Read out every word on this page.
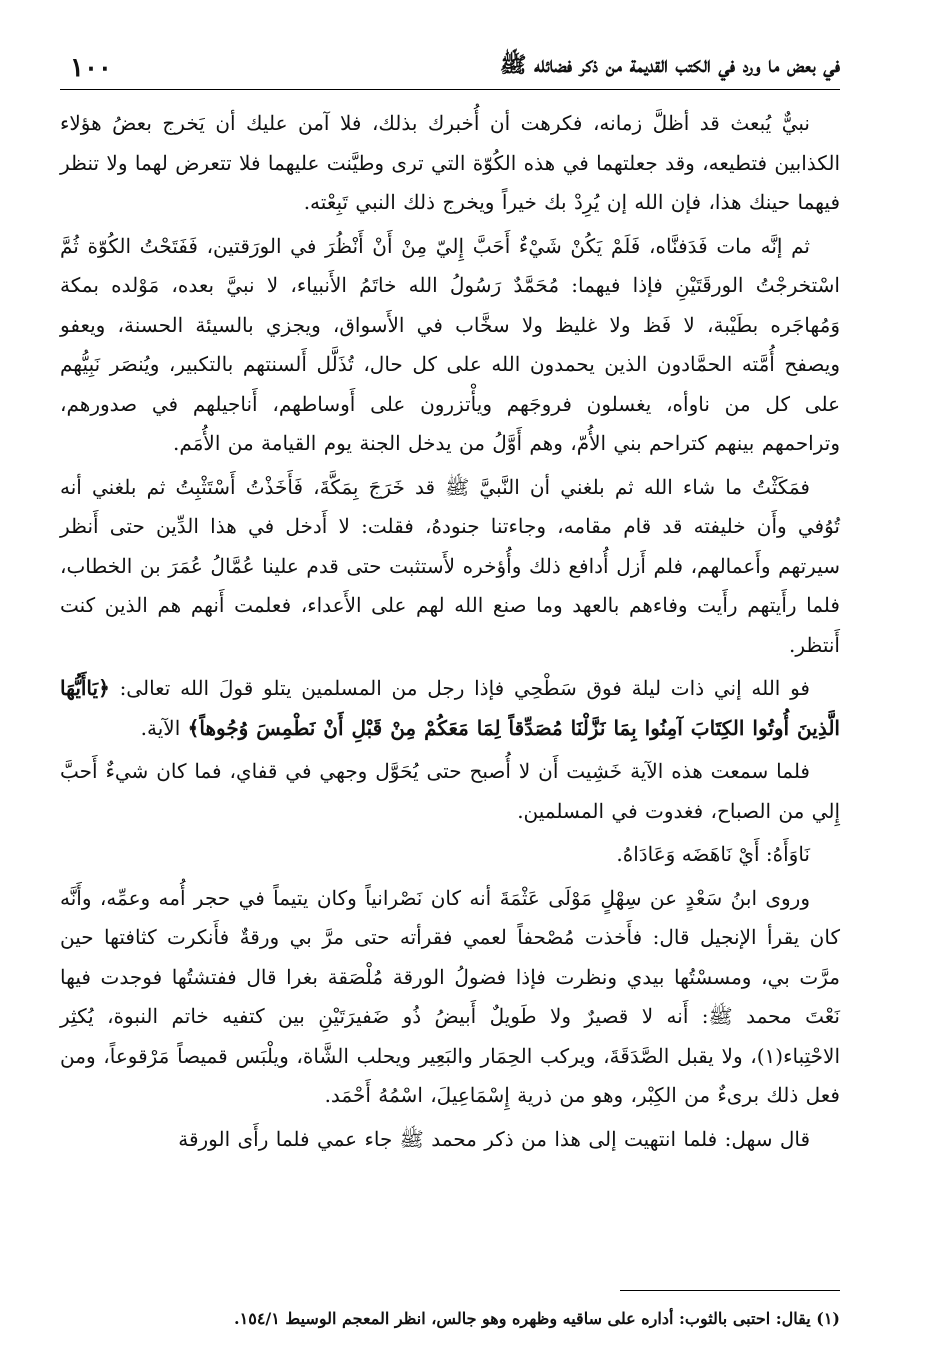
في بعض ما ورد في الكتب القديمة من ذكر فضائله ﷺ
١٠٠

نبيٌّ يُبعث قد أظلَّ زمانه، فكرهت أن أُخبرك بذلك، فلا آمن عليك أن يَخرج بعضُ هؤلاء الكذابين فتطيعه، وقد جعلتهما في هذه الكُوّة التي ترى وطيَّنت عليهما فلا تتعرض لهما ولا تنظر فيهما حينك هذا، فإن الله إن يُرِدْ بك خيراً ويخرج ذلك النبي تَبِعْته.

ثم إنَّه مات فَدَفنَّاه، فَلَمْ يَكُنْ شَيْءٌ أَحَبَّ إِليّ مِنْ أَنْ أَنْظُرَ في الورَقتين، فَفَتَحْتُ الكُوّة ثُمَّ اسْتخرجْتُ الورقَتَيْنِ فإذا فيهما: مُحَمَّدٌ رَسُولُ الله خاتَمُ الأَنبياء، لا نبيَّ بعده، مَوْلده بمكة وَمُهاجَره بطَيْبة، لا فَظ ولا غليظ ولا سخَّاب في الأَسواق، ويجزي بالسيئة الحسنة، ويعفو ويصفح أُمَّته الحمَّادون الذين يحمدون الله على كل حال، تُذَلَّل أَلسنتهم بالتكبير، ويُنصَر نَبِيُّهم على كل من ناوأه، يغسلون فروجَهم ويأْتزرون على أَوساطهم، أَناجيلهم في صدورهم، وتراحمهم بينهم كتراحم بني الأُمّ، وهم أَوَّلُ من يدخل الجنة يوم القيامة من الأُمَم.

فمَكَثْتُ ما شاء الله ثم بلغني أن النَّبيَّ ﷺ قد خَرَجَ بِمَكَّةَ، فَأَخَذْتُ أَسْتَثْبِتُ ثم بلغني أنه تُوُفي وأَن خليفته قد قام مقامه، وجاءتنا جنودهُ، فقلت: لا أَدخل في هذا الدِّين حتى أَنظر سيرتهم وأَعمالهم، فلم أَزل أُدافع ذلك وأُؤخره لأَستثبت حتى قدم علينا عُمَّالُ عُمَرَ بن الخطاب، فلما رأَيتهم رأَيت وفاءهم بالعهد وما صنع الله لهم على الأَعداء، فعلمت أَنهم هم الذين كنت أَنتظر.

فو الله إني ذات ليلة فوق سَطْحِي فإذا رجل من المسلمين يتلو قولَ الله تعالى: ﴿يَاأَيُّهَا الَّذِينَ أُوتُوا الكِتَابَ آمِنُوا بِمَا نَزَّلْنَا مُصَدِّقاً لِمَا مَعَكُمْ مِنْ قَبْلِ أَنْ نَطْمِسَ وُجُوهاً﴾ الآية.

فلما سمعت هذه الآية خَشِيت أَن لا أُصبح حتى يُحَوَّل وجهي في قفاي، فما كان شيءٌ أَحبَّ إِلي من الصباح، فغدوت في المسلمين.

نَاوَأَهُ: أَيْ نَاهَضَه وَعَادَاهُ.

وروى ابنُ سَعْدٍ عن سِهْلٍ مَوْلَى عَثْمَةَ أنه كان نَصْرانياً وكان يتيماً في حجر أُمه وعمِّه، وأَنَّه كان يقرأ الإنجيل قال: فأَخذت مُصْحفاً لعمي فقرأته حتى مرَّ بي ورقةٌ فأَنكرت كثافتها حين مرَّت بي، ومسسْتُها بيدي ونظرت فإذا فضولُ الورقة مُلْصَقة بغرا قال ففتشتُها فوجدت فيها نَعْتَ محمد ﷺ: أَنه لا قصيرٌ ولا طَويلٌ أَبيضُ ذُو ضَفيرَتَيْنِ بين كتفيه خاتم النبوة، يُكثِر الاحْتِباء(١)، ولا يقبل الصَّدَقَةَ، ويركب الحِمَار والبَعِير ويحلب الشَّاة، ويلْبَس قميصاً مَرْقوعاً، ومن فعل ذلك برىءٌ من الكِبْر، وهو من ذرية إِسْمَاعِيلَ، اسْمُهُ أَحْمَد.

قال سهل: فلما انتهيت إلى هذا من ذكر محمد ﷺ جاء عمي فلما رأَى الورقة

(١) يقال: احتبى بالثوب: أداره على ساقيه وظهره وهو جالس، انظر المعجم الوسيط ١٥٤/١.
